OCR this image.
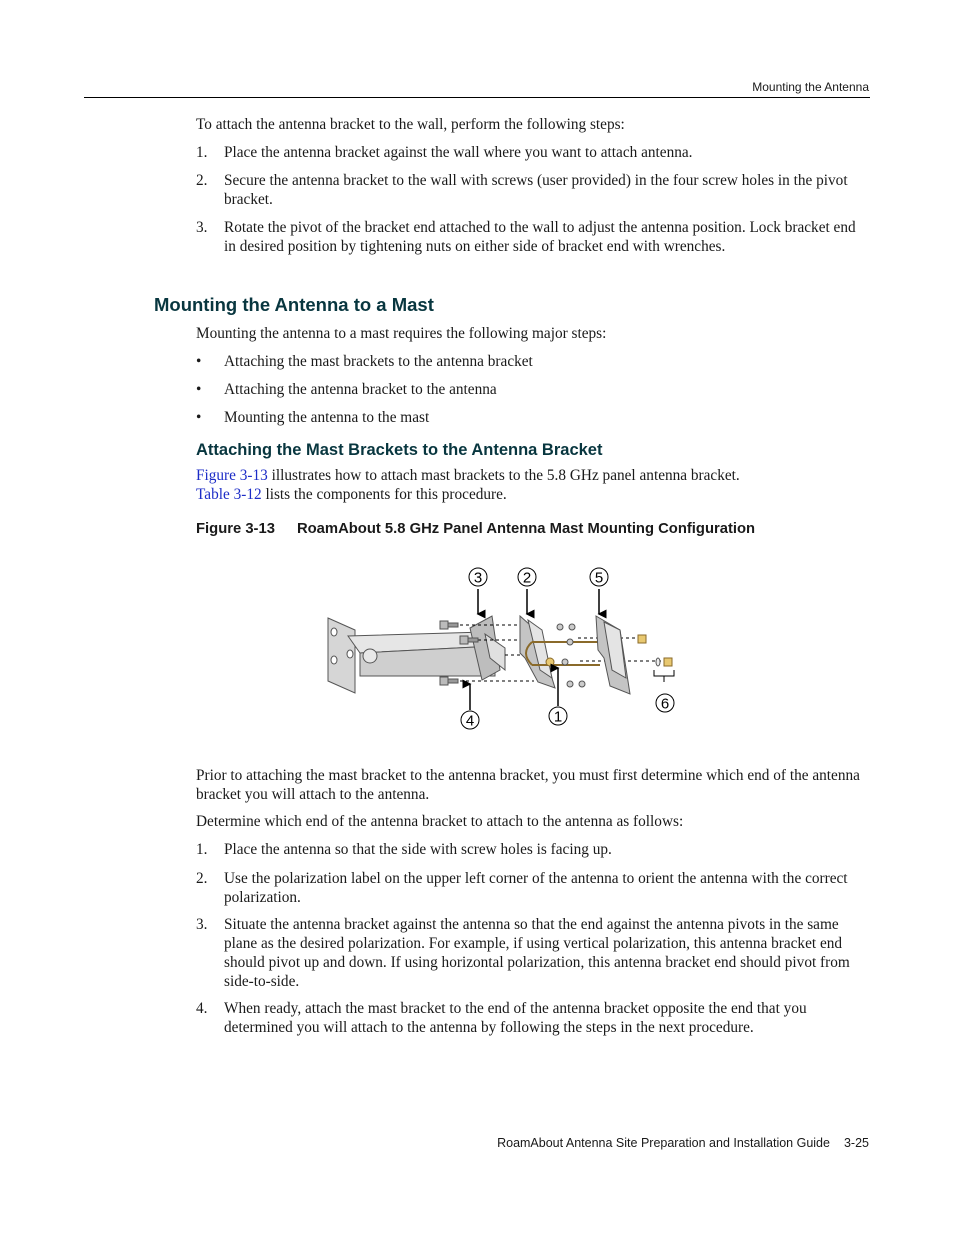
Mounting the Antenna
To attach the antenna bracket to the wall, perform the following steps:
1. Place the antenna bracket against the wall where you want to attach antenna.
2. Secure the antenna bracket to the wall with screws (user provided) in the four screw holes in the pivot bracket.
3. Rotate the pivot of the bracket end attached to the wall to adjust the antenna position. Lock bracket end in desired position by tightening nuts on either side of bracket end with wrenches.
Mounting the Antenna to a Mast
Mounting the antenna to a mast requires the following major steps:
• Attaching the mast brackets to the antenna bracket
• Attaching the antenna bracket to the antenna
• Mounting the antenna to the mast
Attaching the Mast Brackets to the Antenna Bracket
Figure 3-13 illustrates how to attach mast brackets to the 5.8 GHz panel antenna bracket.
Table 3-12 lists the components for this procedure.
Figure 3-13 RoamAbout 5.8 GHz Panel Antenna Mast Mounting Configuration
3	2	5
4	1
6
Prior to attaching the mast bracket to the antenna bracket, you must first determine which end of the antenna bracket you will attach to the antenna.
Determine which end of the antenna bracket to attach to the antenna as follows:
1. Place the antenna so that the side with screw holes is facing up.
2. Use the polarization label on the upper left corner of the antenna to orient the antenna with the correct polarization.
3. Situate the antenna bracket against the antenna so that the end against the antenna pivots in the same plane as the desired polarization. For example, if using vertical polarization, this antenna bracket end should pivot up and down. If using horizontal polarization, this antenna bracket end should pivot from side-to-side.
4. When ready, attach the mast bracket to the end of the antenna bracket opposite the end that you determined you will attach to the antenna by following the steps in the next procedure.
RoamAbout Antenna Site Preparation and Installation Guide 3-25
